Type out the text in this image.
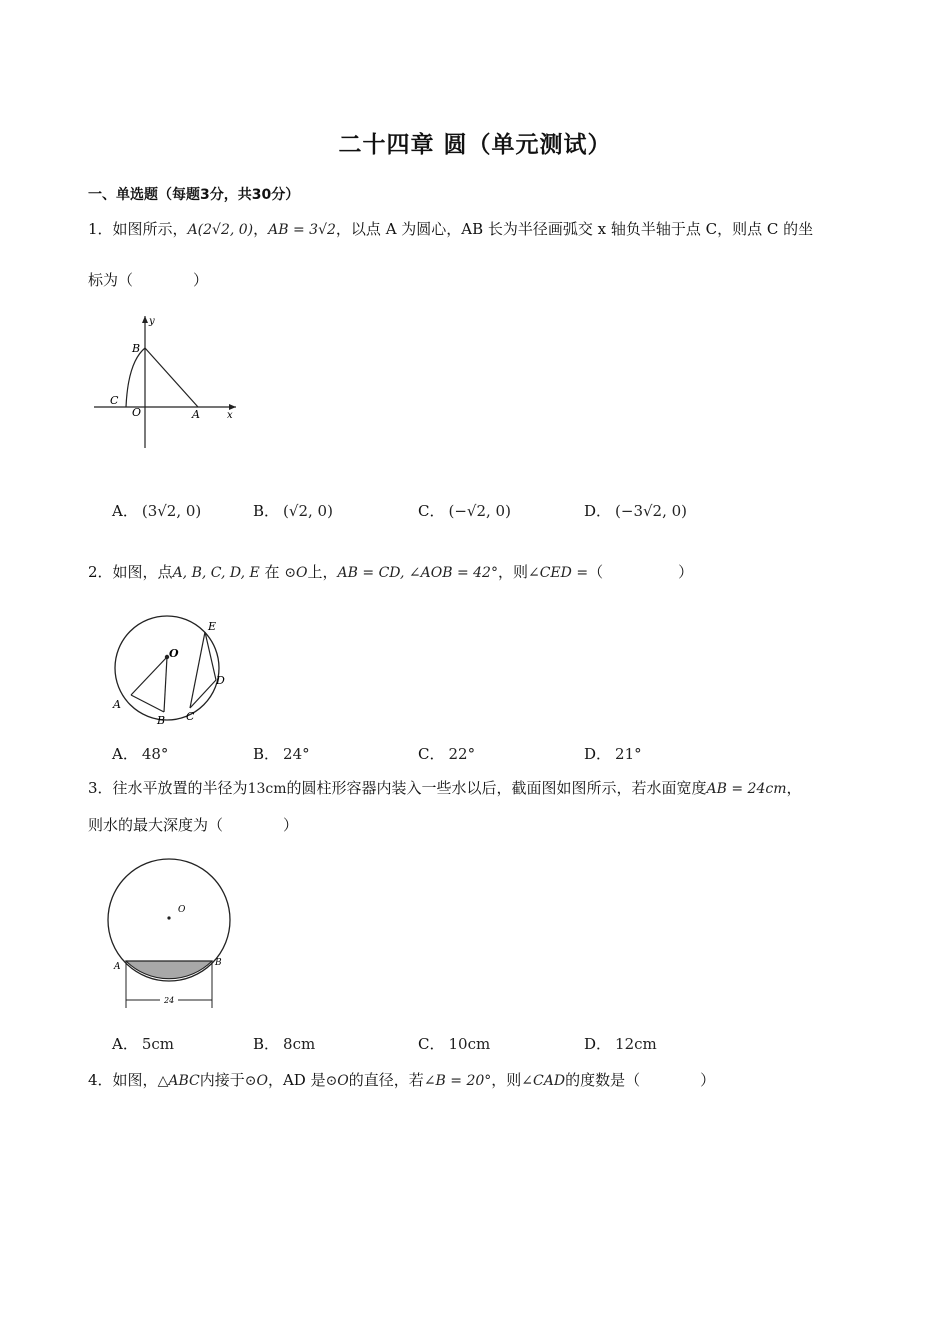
二十四章 圆（单元测试）
一、单选题（每题3分，共30分）
1．如图所示，A(2√2, 0)，AB = 3√2，以点 A 为圆心，AB 长为半径画弧交 x 轴负半轴于点 C，则点 C 的坐
标为（　　　　）
y
x
B
C
O	A
A． (3√2, 0)	B． (√2, 0)	C． (−√2, 0)	D． (−3√2, 0)
2．如图，点A, B, C, D, E 在 ⊙O上，AB = CD, ∠AOB = 42°，则∠CED =（　　　　　）
O
E
D
A
B C
A． 48°	B． 24°	C． 22°	D． 21°
3．往水平放置的半径为13cm的圆柱形容器内装入一些水以后，截面图如图所示，若水面宽度AB = 24cm，
则水的最大深度为（　　　　）
O
A	B
24
A． 5cm	B． 8cm	C． 10cm	D． 12cm
4．如图，△ABC内接于⊙O，AD 是⊙O的直径，若∠B = 20°，则∠CAD的度数是（　　　　）
